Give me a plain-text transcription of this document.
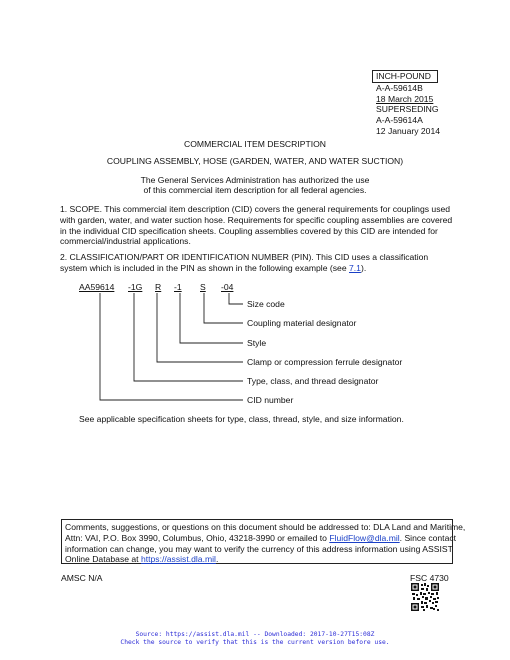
INCH-POUND
A-A-59614B
18 March 2015
SUPERSEDING
A-A-59614A
12 January 2014
COMMERCIAL ITEM DESCRIPTION
COUPLING ASSEMBLY, HOSE (GARDEN, WATER, AND WATER SUCTION)
The General Services Administration has authorized the use
of this commercial item description for all federal agencies.
1. SCOPE. This commercial item description (CID) covers the general requirements for couplings used
with garden, water, and water suction hose. Requirements for specific coupling assemblies are covered
in the individual CID specification sheets. Coupling assemblies covered by this CID are intended for
commercial/industrial applications.
2. CLASSIFICATION/PART OR IDENTIFICATION NUMBER (PIN). This CID uses a classification
system which is included in the PIN as shown in the following example (see 7.1).
AA59614 -1G R -1 S -04
Size code
Coupling material designator
Style
Clamp or compression ferrule designator
Type, class, and thread designator
CID number
See applicable specification sheets for type, class, thread, style, and size information.
Comments, suggestions, or questions on this document should be addressed to: DLA Land and Maritime,
Attn: VAI, P.O. Box 3990, Columbus, Ohio, 43218-3990 or emailed to FluidFlow@dla.mil. Since contact
information can change, you may want to verify the currency of this address information using ASSIST
Online Database at https://assist.dla.mil.
AMSC N/A	FSC 4730
Source: https://assist.dla.mil -- Downloaded: 2017-10-27T15:08Z
Check the source to verify that this is the current version before use.
